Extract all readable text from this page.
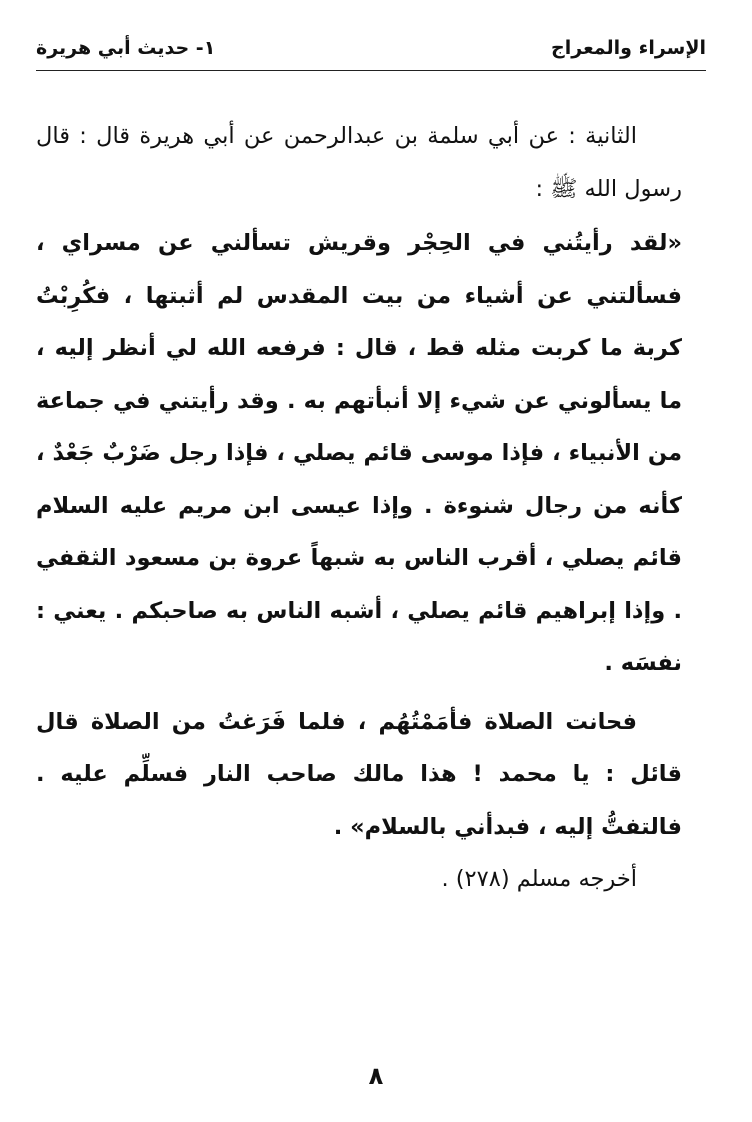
الإسراء والمعراج
١- حديث أبي هريرة

الثانية : عن أبي سلمة بن عبدالرحمن عن أبي هريرة قال : قال رسول الله ﷺ :

«لقد رأيتُني في الحِجْر وقريش تسألني عن مسراي ، فسألتني عن أشياء من بيت المقدس لم أثبتها ، فكُرِبْتُ كربة ما كربت مثله قط ، قال : فرفعه الله لي أنظر إليه ، ما يسألوني عن شيء إلا أنبأتهم به . وقد رأيتني في جماعة من الأنبياء ، فإذا موسى قائم يصلي ، فإذا رجل ضَرْبٌ جَعْدٌ ، كأنه من رجال شنوءة . وإذا عيسى ابن مريم عليه السلام قائم يصلي ، أقرب الناس به شبهاً عروة بن مسعود الثقفي . وإذا إبراهيم قائم يصلي ، أشبه الناس به صاحبكم . يعني : نفسَه .

فحانت الصلاة فأمَمْتُهُم ، فلما فَرَغتُ من الصلاة قال قائل : يا محمد ! هذا مالك صاحب النار فسلِّم عليه . فالتفتُّ إليه ، فبدأني بالسلام» .

أخرجه مسلم (٢٧٨) .

٨
